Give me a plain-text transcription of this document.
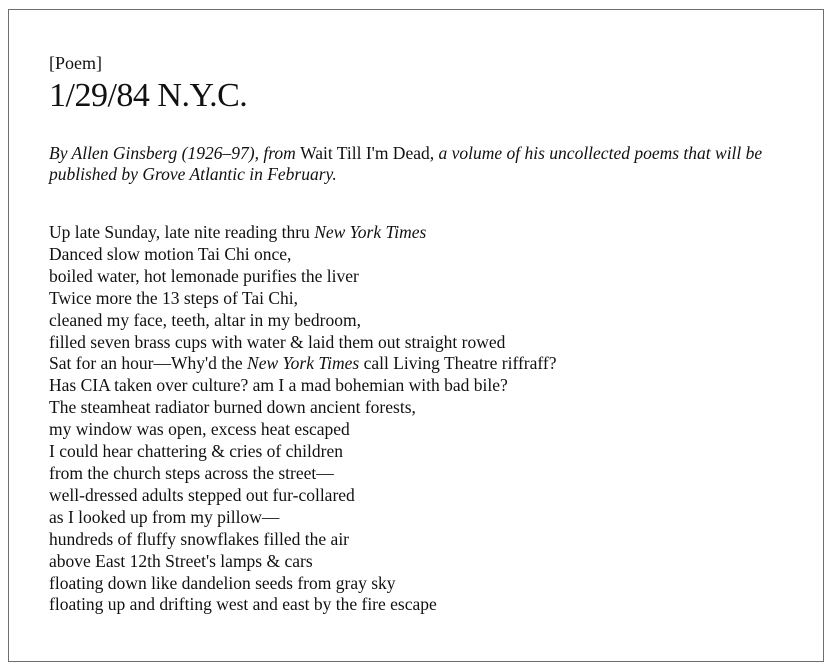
[Poem]

1/29/84 N.Y.C.

By Allen Ginsberg (1926–97), from Wait Till I'm Dead, a volume of his uncollected poems that will be published by Grove Atlantic in February.

Up late Sunday, late nite reading thru New York Times
Danced slow motion Tai Chi once,
boiled water, hot lemonade purifies the liver
Twice more the 13 steps of Tai Chi,
cleaned my face, teeth, altar in my bedroom,
filled seven brass cups with water & laid them out straight rowed
Sat for an hour—Why'd the New York Times call Living Theatre riffraff?
Has CIA taken over culture? am I a mad bohemian with bad bile?
The steamheat radiator burned down ancient forests,
my window was open, excess heat escaped
I could hear chattering & cries of children
from the church steps across the street—
well-dressed adults stepped out fur-collared
as I looked up from my pillow—
hundreds of fluffy snowflakes filled the air
above East 12th Street's lamps & cars
floating down like dandelion seeds from gray sky
floating up and drifting west and east by the fire escape
